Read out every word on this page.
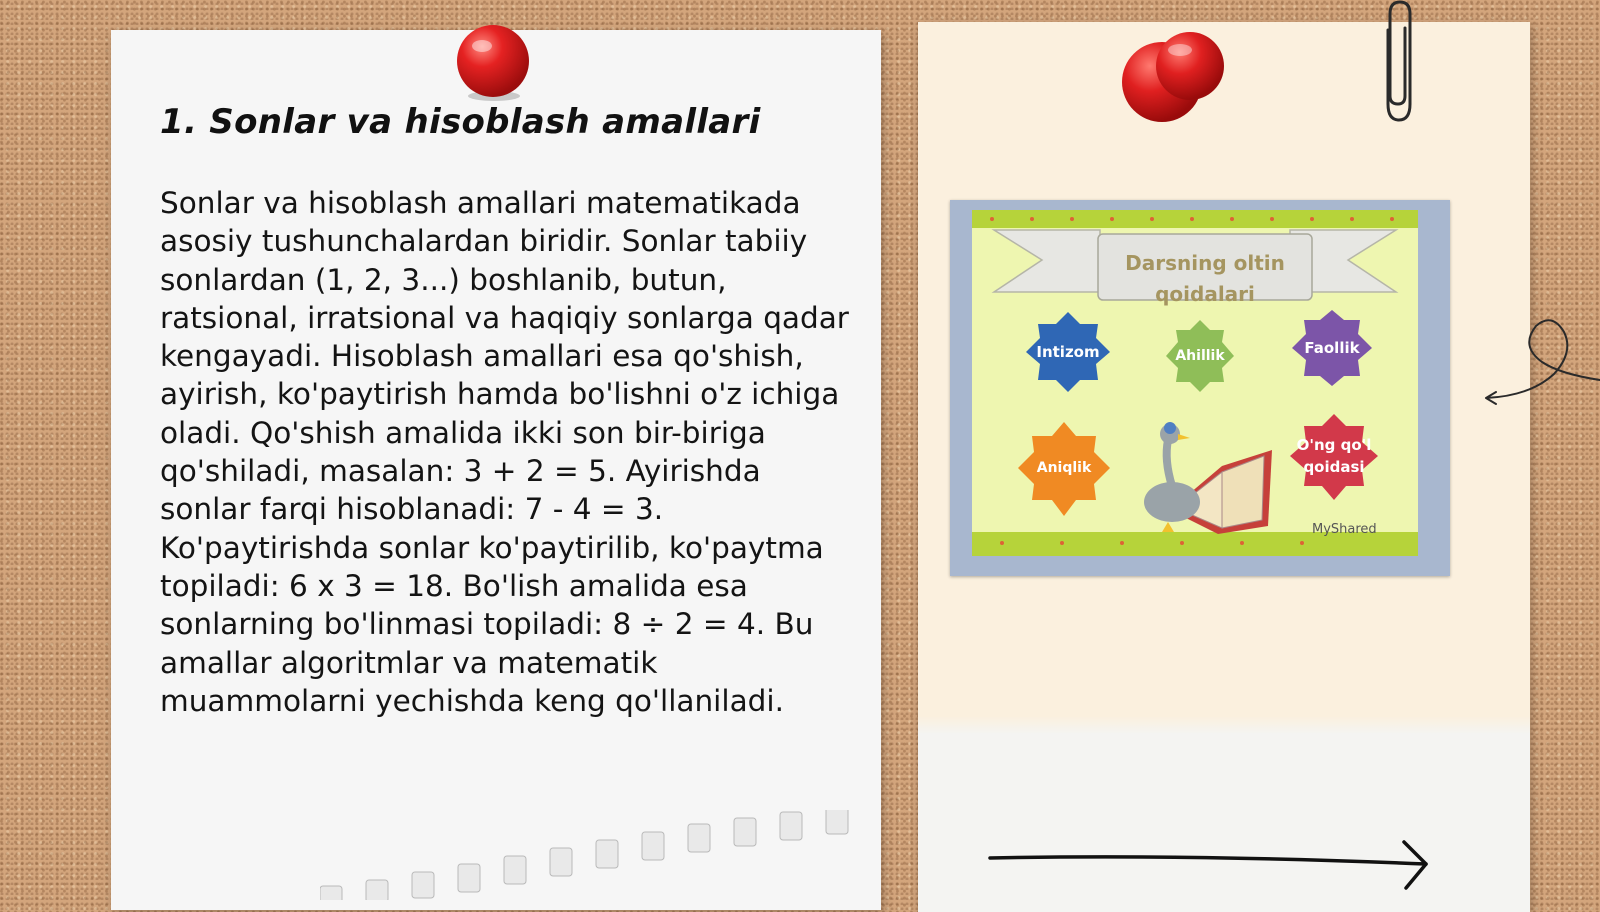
1. Sonlar va hisoblash amallari

Sonlar va hisoblash amallari matematikada asosiy tushunchalardan biridir. Sonlar tabiiy sonlardan (1, 2, 3...) boshlanib, butun, ratsional, irratsional va haqiqiy sonlarga qadar kengayadi. Hisoblash amallari esa qo'shish, ayirish, ko'paytirish hamda bo'lishni o'z ichiga oladi. Qo'shish amalida ikki son bir-biriga qo'shiladi, masalan: 3 + 2 = 5. Ayirishda sonlar farqi hisoblanadi: 7 - 4 = 3. Ko'paytirishda sonlar ko'paytirilib, ko'paytma topiladi: 6 x 3 = 18. Bo'lish amalida esa sonlarning bo'linmasi topiladi: 8 ÷ 2 = 4. Bu amallar algoritmlar va matematik muammolarni yechishda keng qo'llaniladi.

Darsning oltin
qoidalari
Intizom	Ahillik	Faollik
Aniqlik
O'ng qo'l
qoidasi
MyShared
